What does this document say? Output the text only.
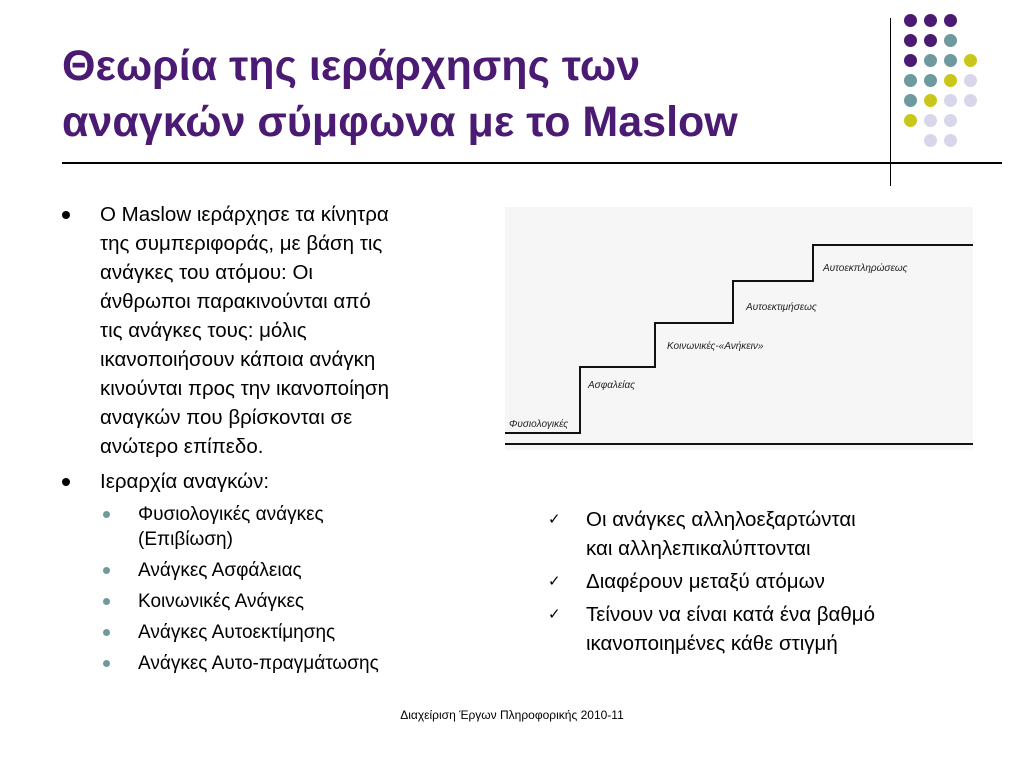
Θεωρία της ιεράρχησης των
αναγκών σύμφωνα με το Maslow
Ο Maslow ιεράρχησε τα κίνητρα
της συμπεριφοράς, με βάση τις
ανάγκες του ατόμου: Οι
άνθρωποι παρακινούνται από
τις ανάγκες τους: μόλις
ικανοποιήσουν κάποια ανάγκη
κινούνται προς την ικανοποίηση
αναγκών που βρίσκονται σε
ανώτερο επίπεδο.
Ιεραρχία αναγκών:
Φυσιολογικές ανάγκες
(Επιβίωση)
Ανάγκες Ασφάλειας
Κοινωνικές Ανάγκες
Ανάγκες Αυτοεκτίμησης
Ανάγκες Αυτο-πραγμάτωσης
Φυσιολογικές
Ασφαλείας
Κοινωνικές-«Ανήκειν»
Αυτοεκτιμήσεως
Αυτοεκπληρώσεως
✓ Οι ανάγκες αλληλοεξαρτώνται
και αλληλεπικαλύπτονται
✓ Διαφέρουν μεταξύ ατόμων
✓ Τείνουν να είναι κατά ένα βαθμό
ικανοποιημένες κάθε στιγμή
Διαχείριση Έργων Πληροφορικής 2010-11
